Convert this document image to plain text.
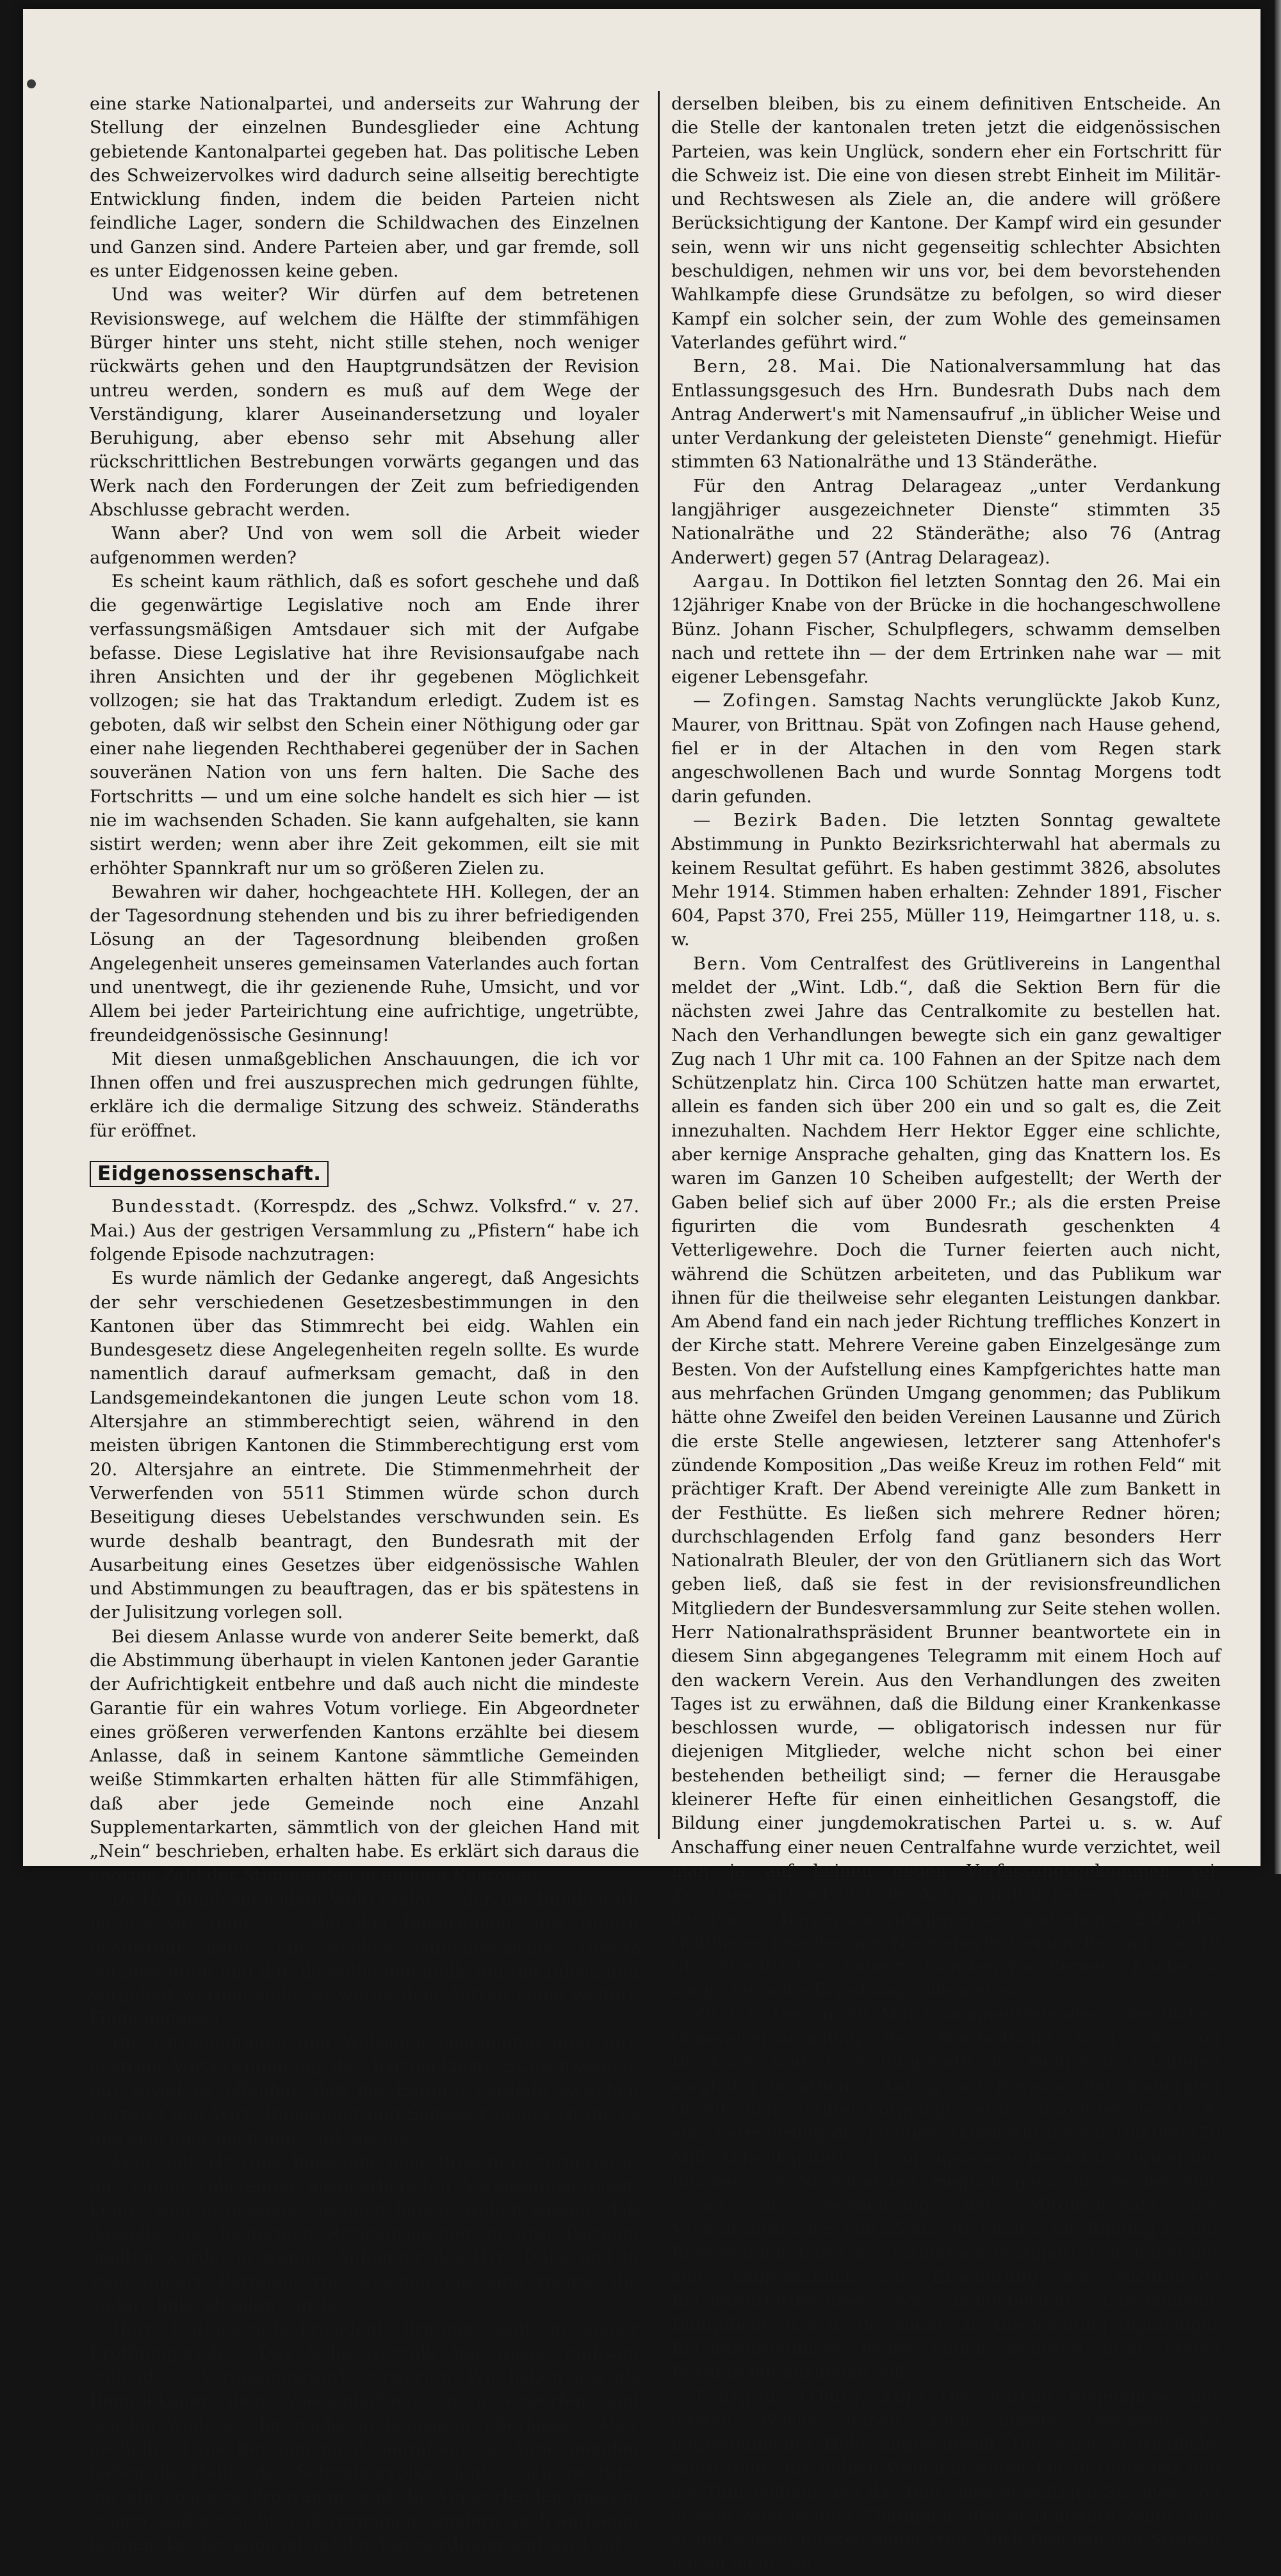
eine starke Nationalpartei, und anderseits zur Wahrung der Stellung der einzelnen Bundesglieder eine Achtung gebietende Kantonalpartei gegeben hat. Das politische Leben des Schweizervolkes wird dadurch seine allseitig berechtigte Entwicklung finden, indem die beiden Parteien nicht feindliche Lager, sondern die Schildwachen des Einzelnen und Ganzen sind. Andere Parteien aber, und gar fremde, soll es unter Eidgenossen keine geben.

Und was weiter? Wir dürfen auf dem betretenen Revisionswege, auf welchem die Hälfte der stimmfähigen Bürger hinter uns steht, nicht stille stehen, noch weniger rückwärts gehen und den Hauptgrundsätzen der Revision untreu werden, sondern es muß auf dem Wege der Verständigung, klarer Auseinandersetzung und loyaler Beruhigung, aber ebenso sehr mit Absehung aller rückschrittlichen Bestrebungen vorwärts gegangen und das Werk nach den Forderungen der Zeit zum befriedigenden Abschlusse gebracht werden.

Wann aber? Und von wem soll die Arbeit wieder aufgenommen werden?

Es scheint kaum räthlich, daß es sofort geschehe und daß die gegenwärtige Legislative noch am Ende ihrer verfassungsmäßigen Amtsdauer sich mit der Aufgabe befasse. Diese Legislative hat ihre Revisionsaufgabe nach ihren Ansichten und der ihr gegebenen Möglichkeit vollzogen; sie hat das Traktandum erledigt. Zudem ist es geboten, daß wir selbst den Schein einer Nöthigung oder gar einer nahe liegenden Rechthaberei gegenüber der in Sachen souveränen Nation von uns fern halten. Die Sache des Fortschritts — und um eine solche handelt es sich hier — ist nie im wachsenden Schaden. Sie kann aufgehalten, sie kann sistirt werden; wenn aber ihre Zeit gekommen, eilt sie mit erhöhter Spannkraft nur um so größeren Zielen zu.

Bewahren wir daher, hochgeachtete HH. Kollegen, der an der Tagesordnung stehenden und bis zu ihrer befriedigenden Lösung an der Tagesordnung bleibenden großen Angelegenheit unseres gemeinsamen Vaterlandes auch fortan und unentwegt, die ihr gezienende Ruhe, Umsicht, und vor Allem bei jeder Parteirichtung eine aufrichtige, ungetrübte, freundeidgenössische Gesinnung!

Mit diesen unmaßgeblichen Anschauungen, die ich vor Ihnen offen und frei auszusprechen mich gedrungen fühlte, erkläre ich die dermalige Sitzung des schweiz. Ständeraths für eröffnet.

Eidgenossenschaft.

Bundesstadt. (Korrespdz. des „Schwz. Volksfrd.“ v. 27. Mai.) Aus der gestrigen Versammlung zu „Pfistern“ habe ich folgende Episode nachzutragen:

Es wurde nämlich der Gedanke angeregt, daß Angesichts der sehr verschiedenen Gesetzesbestimmungen in den Kantonen über das Stimmrecht bei eidg. Wahlen ein Bundesgesetz diese Angelegenheiten regeln sollte. Es wurde namentlich darauf aufmerksam gemacht, daß in den Landsgemeindekantonen die jungen Leute schon vom 18. Altersjahre an stimmberechtigt seien, während in den meisten übrigen Kantonen die Stimmberechtigung erst vom 20. Altersjahre an eintrete. Die Stimmenmehrheit der Verwerfenden von 5511 Stimmen würde schon durch Beseitigung dieses Uebelstandes verschwunden sein. Es wurde deshalb beantragt, den Bundesrath mit der Ausarbeitung eines Gesetzes über eidgenössische Wahlen und Abstimmungen zu beauftragen, das er bis spätestens in der Julisitzung vorlegen soll.

Bei diesem Anlasse wurde von anderer Seite bemerkt, daß die Abstimmung überhaupt in vielen Kantonen jeder Garantie der Aufrichtigkeit entbehre und daß auch nicht die mindeste Garantie für ein wahres Votum vorliege. Ein Abgeordneter eines größeren verwerfenden Kantons erzählte bei diesem Anlasse, daß in seinem Kantone sämmtliche Gemeinden weiße Stimmkarten erhalten hätten für alle Stimmfähigen, daß aber jede Gemeinde noch eine Anzahl Supplementarkarten, sämmtlich von der gleichen Hand mit „Nein“ beschrieben, erhalten habe. Es erklärt sich daraus die enorme Zahl der Stimmenden in einigen Kantonen.

Da Hr. Bundespräsident Welti erklärte, daß der Bundesrath bereits vor dem 12. Mai das Departement des Innern beauftragt habe, ein solches eidgenössisches Gesetz vorzubereiten und daß dasselbe jedenfalls auf die Julisitzung vorgelegt werden solle, so wurde dem Antrag keine weitere Folge gegeben.

Die Ultramontanen und Welschen beobachten über ihre gestrige Vorversammlung das hartnäckigste Stillschweigen; nur soviel ist offenbar, daß die Entente cordiale zwischen Carteret und Wirz, Ruchonnet und Segesser immer ist die es und sich eher noch befestigt, als löst.

Man sagt, Hr. Dubs habe eine neue Broschüre vorbereitet, mit einem vollständig ausgearbeiteten Verfassungsprojekt. Leute, welche dasselbe gesehen haben, wollen wissen, daß dasselbe die bisherigen Revisionsgegner in drei Parteien spalten würde: in wenige Anhänger des Hrn. Dubs und in zwei andere Parteien, von welchen die eine rechts, die andere links abfallen würde.

Herr Nationalraths-Präsident Brunner sagt in seiner Eröffnungsrede: „Das Schweizervolk hat unser mühsam vollendetes Verfassungswerk verworfen. Wir haben uns als Republikaner dem Volksentscheid zu unterwerfen und werden Weiteres der nächsten Legislatur überlassen. Aber deshalb ist die Revision nicht begraben; die Annehmenden haben die Hälfte des Schweizervolkes hinter sich, gestützt auf ein positives Programm, und die Verwerfenden müssen zeigen, daß sie nicht bloß verneinen, sondern auch aufbauen können. Die Revision ist auf der Tagesordnung und wird auf

derselben bleiben, bis zu einem definitiven Entscheide. An die Stelle der kantonalen treten jetzt die eidgenössischen Parteien, was kein Unglück, sondern eher ein Fortschritt für die Schweiz ist. Die eine von diesen strebt Einheit im Militär- und Rechtswesen als Ziele an, die andere will größere Berücksichtigung der Kantone. Der Kampf wird ein gesunder sein, wenn wir uns nicht gegenseitig schlechter Absichten beschuldigen, nehmen wir uns vor, bei dem bevorstehenden Wahlkampfe diese Grundsätze zu befolgen, so wird dieser Kampf ein solcher sein, der zum Wohle des gemeinsamen Vaterlandes geführt wird.“

Bern, 28. Mai. Die Nationalversammlung hat das Entlassungsgesuch des Hrn. Bundesrath Dubs nach dem Antrag Anderwert's mit Namensaufruf „in üblicher Weise und unter Verdankung der geleisteten Dienste“ genehmigt. Hiefür stimmten 63 Nationalräthe und 13 Ständeräthe.

Für den Antrag Delarageaz „unter Verdankung langjähriger ausgezeichneter Dienste“ stimmten 35 Nationalräthe und 22 Ständeräthe; also 76 (Antrag Anderwert) gegen 57 (Antrag Delarageaz).

Aargau. In Dottikon fiel letzten Sonntag den 26. Mai ein 12jähriger Knabe von der Brücke in die hochangeschwollene Bünz. Johann Fischer, Schulpflegers, schwamm demselben nach und rettete ihn — der dem Ertrinken nahe war — mit eigener Lebensgefahr.

— Zofingen. Samstag Nachts verunglückte Jakob Kunz, Maurer, von Brittnau. Spät von Zofingen nach Hause gehend, fiel er in der Altachen in den vom Regen stark angeschwollenen Bach und wurde Sonntag Morgens todt darin gefunden.

— Bezirk Baden. Die letzten Sonntag gewaltete Abstimmung in Punkto Bezirksrichterwahl hat abermals zu keinem Resultat geführt. Es haben gestimmt 3826, absolutes Mehr 1914. Stimmen haben erhalten: Zehnder 1891, Fischer 604, Papst 370, Frei 255, Müller 119, Heimgartner 118, u. s. w.

Bern. Vom Centralfest des Grütlivereins in Langenthal meldet der „Wint. Ldb.“, daß die Sektion Bern für die nächsten zwei Jahre das Centralkomite zu bestellen hat. Nach den Verhandlungen bewegte sich ein ganz gewaltiger Zug nach 1 Uhr mit ca. 100 Fahnen an der Spitze nach dem Schützenplatz hin. Circa 100 Schützen hatte man erwartet, allein es fanden sich über 200 ein und so galt es, die Zeit innezuhalten. Nachdem Herr Hektor Egger eine schlichte, aber kernige Ansprache gehalten, ging das Knattern los. Es waren im Ganzen 10 Scheiben aufgestellt; der Werth der Gaben belief sich auf über 2000 Fr.; als die ersten Preise figurirten die vom Bundesrath geschenkten 4 Vetterligewehre. Doch die Turner feierten auch nicht, während die Schützen arbeiteten, und das Publikum war ihnen für die theilweise sehr eleganten Leistungen dankbar. Am Abend fand ein nach jeder Richtung treffliches Konzert in der Kirche statt. Mehrere Vereine gaben Einzelgesänge zum Besten. Von der Aufstellung eines Kampfgerichtes hatte man aus mehrfachen Gründen Umgang genommen; das Publikum hätte ohne Zweifel den beiden Vereinen Lausanne und Zürich die erste Stelle angewiesen, letzterer sang Attenhofer's zündende Komposition „Das weiße Kreuz im rothen Feld“ mit prächtiger Kraft. Der Abend vereinigte Alle zum Bankett in der Festhütte. Es ließen sich mehrere Redner hören; durchschlagenden Erfolg fand ganz besonders Herr Nationalrath Bleuler, der von den Grütlianern sich das Wort geben ließ, daß sie fest in der revisionsfreundlichen Mitgliedern der Bundesversammlung zur Seite stehen wollen. Herr Nationalrathspräsident Brunner beantwortete ein in diesem Sinn abgegangenes Telegramm mit einem Hoch auf den wackern Verein. Aus den Verhandlungen des zweiten Tages ist zu erwähnen, daß die Bildung einer Krankenkasse beschlossen wurde, — obligatorisch indessen nur für diejenigen Mitglieder, welche nicht schon bei einer bestehenden betheiligt sind; — ferner die Herausgabe kleinerer Hefte für einen einheitlichen Gesangstoff, die Bildung einer jungdemokratischen Partei u. s. w. Auf Anschaffung einer neuen Centralfahne wurde verzichtet, weil man ja auf keinen neuen Verfassungsgekommen sei. Zustimmung fand auch der Antrag, daß in jedem Vereinslokal das Porträt Berner's anzubringen sei, und ebenso daß jeder Grütlianer jeweilen am Novemberfest einen Beitrag von 10 Cts. zu entrichten habe zu Gunsten von Berner's Knabe, so lange, bis seine Erziehung vollendet ist.

Zürich. Der am 30. Mai zusammentretenden ordentlichen Generalversammlung der Nordostbahn wird ein von Direktion und Verwaltungsrath in mehreren Sitzungen sorgfältig berathener Antrag auf Revision der bisherigen Gesellschaftsstatuten vorgelegt werden, durch welchen u. A. eine Vermehrung der jetzigen Aktienzahl bis auf 100,000 (50 Mill. Aktienkapital), mit vorzugsweiser Berücksichtigung der Inhaber von Stammaktien möglich gemacht werden soll, ferner die Vermehrung der Mitgliederzahl des Verwaltungsrathes von 25 auf 30, endlich die Bildung zweier Reservefonds (statt des bisherigen einzigen), von denen der eine hauptsächlich zur Erneuerung der wichtigeren Betriebserfordernisse, wie Bahnoberbau, Lokomotiven, Dampfboote u. s. w., der andere zu Ausgleichung ungünstiger Betriebsergebnisse neuer Linien während ihrer ersten Betriebszeit aushelfen soll.

Thurgau. (Thurg. Ztg.) Die starken Regengüsse der letzten Woche haben auch unsere Gewässer zu ungewöhnlicher Höhe angeschwellt. Die sonst so friedliche Murg rollte ihre gelben Wellen in wilder Flucht thalwärts und die Thur vollends bot das Bild eines gewaltigen Stromes, von dessen zerstörender Thätigkeit allerlei Hausrath zeugt, den er auf seinem Rücken daher trug. Auch Brücken und Straßen haben manchen
